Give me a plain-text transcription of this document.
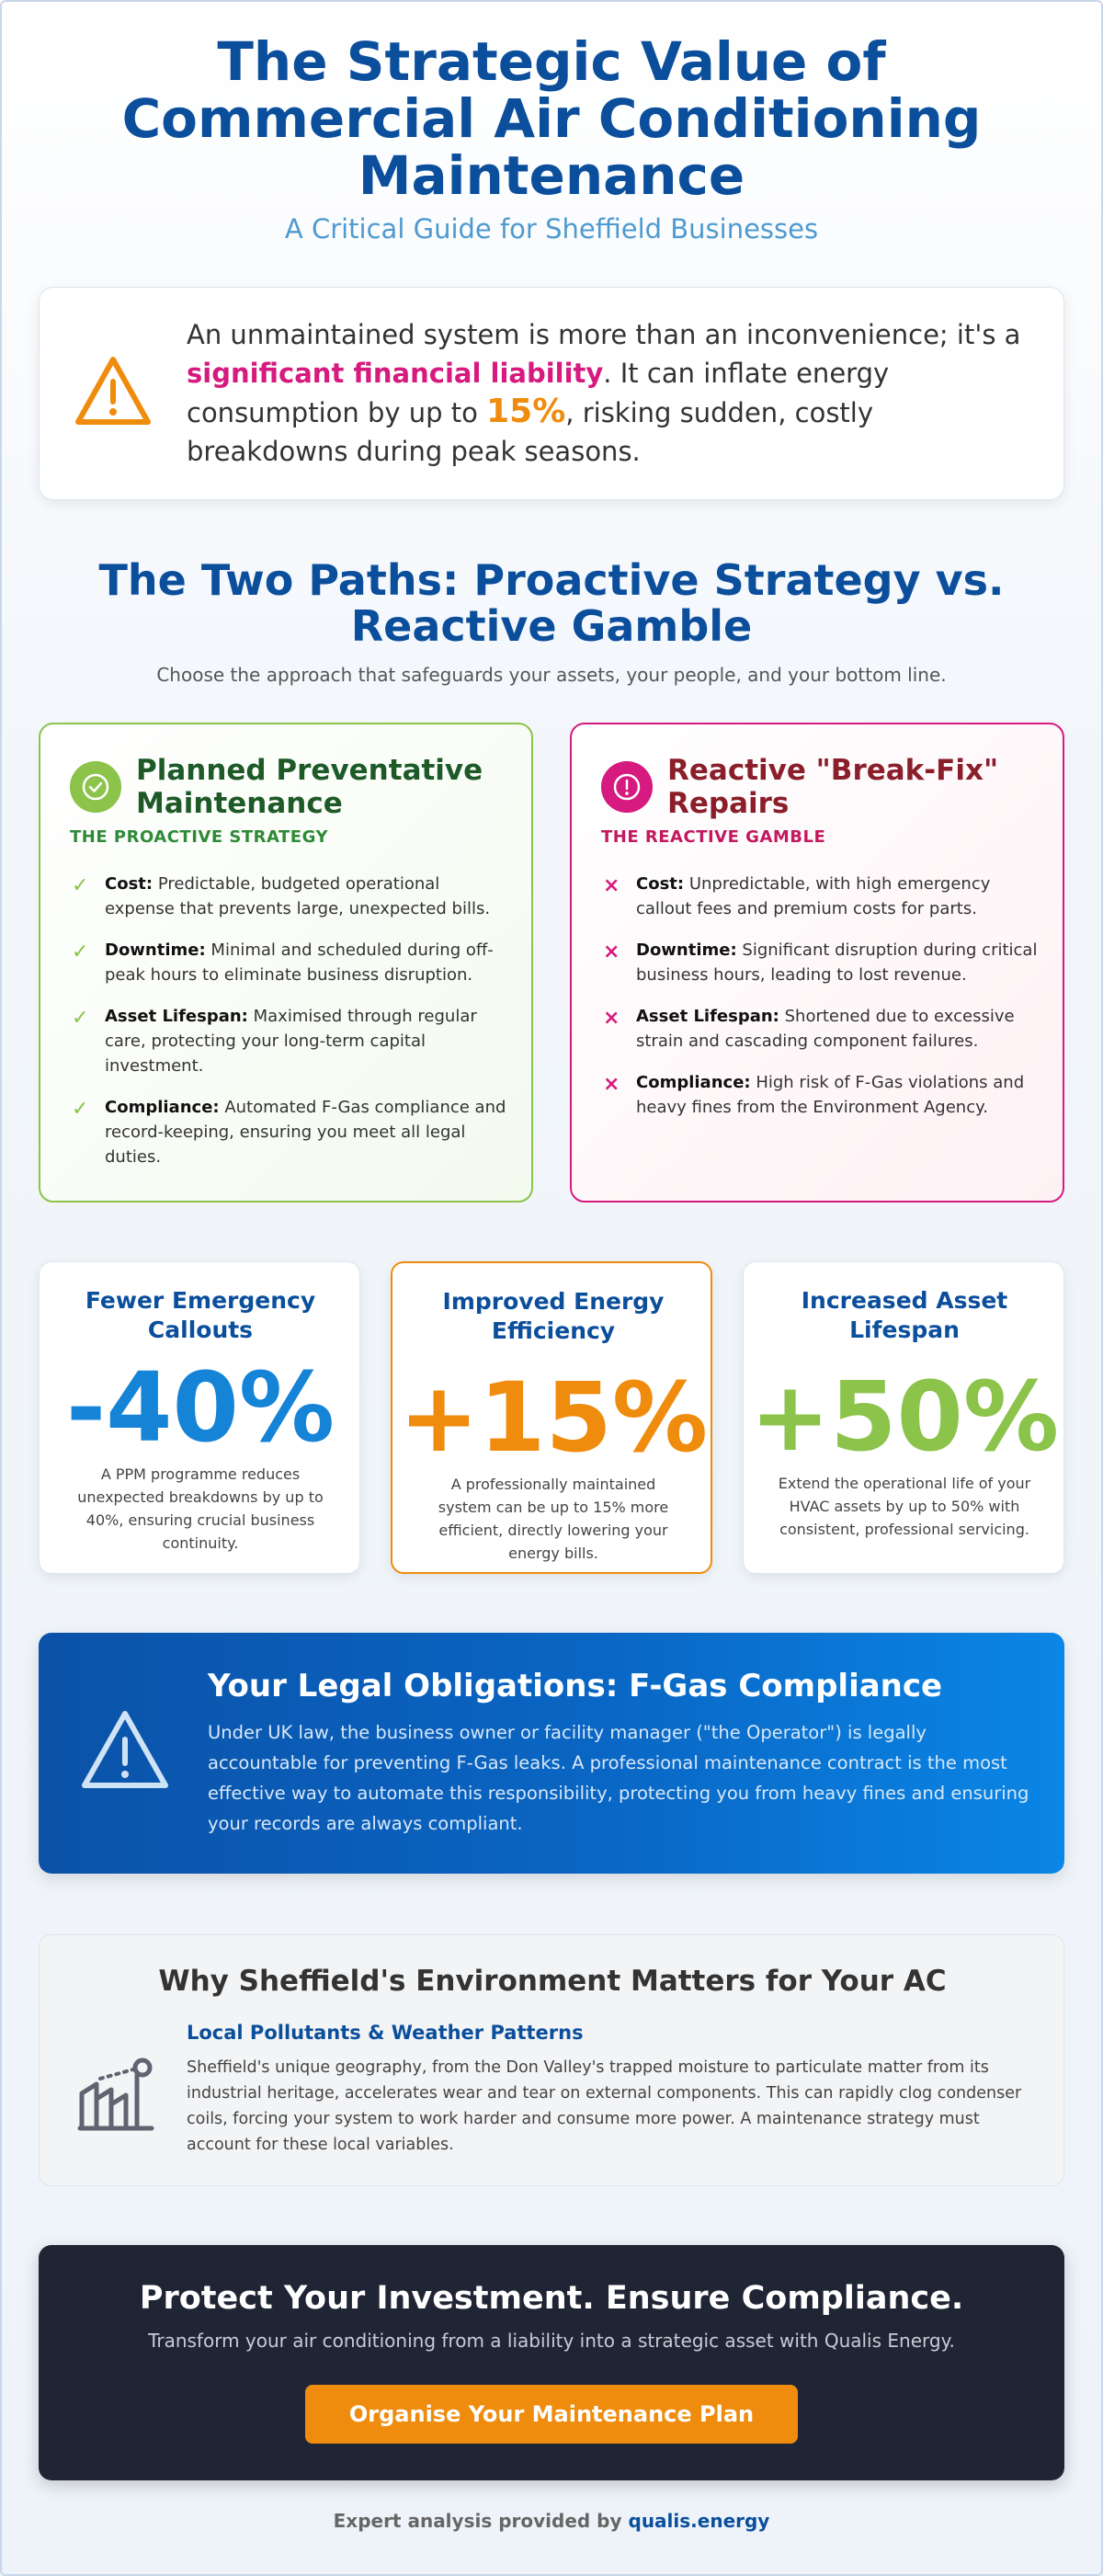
The Strategic Value of Commercial Air Conditioning Maintenance
A Critical Guide for Sheffield Businesses

An unmaintained system is more than an inconvenience; it's a significant financial liability. It can inflate energy consumption by up to 15%, risking sudden, costly breakdowns during peak seasons.

The Two Paths: Proactive Strategy vs. Reactive Gamble

Choose the approach that safeguards your assets, your people, and your bottom line.

Planned Preventative Maintenance
THE PROACTIVE STRATEGY
✓ Cost: Predictable, budgeted operational expense that prevents large, unexpected bills.
✓ Downtime: Minimal and scheduled during off-peak hours to eliminate business disruption.
✓ Asset Lifespan: Maximised through regular care, protecting your long-term capital investment.
✓ Compliance: Automated F-Gas compliance and record-keeping, ensuring you meet all legal duties.
Reactive "Break-Fix" Repairs
THE REACTIVE GAMBLE
× Cost: Unpredictable, with high emergency callout fees and premium costs for parts.
× Downtime: Significant disruption during critical business hours, leading to lost revenue.
× Asset Lifespan: Shortened due to excessive strain and cascading component failures.
× Compliance: High risk of F-Gas violations and heavy fines from the Environment Agency.
Fewer Emergency Callouts
-40%

A PPM programme reduces unexpected breakdowns by up to 40%, ensuring crucial business continuity.

Improved Energy Efficiency
+15%

A professionally maintained system can be up to 15% more efficient, directly lowering your energy bills.

Increased Asset Lifespan
+50%

Extend the operational life of your HVAC assets by up to 50% with consistent, professional servicing.

Your Legal Obligations: F-Gas Compliance

Under UK law, the business owner or facility manager ("the Operator") is legally accountable for preventing F-Gas leaks. A professional maintenance contract is the most effective way to automate this responsibility, protecting you from heavy fines and ensuring your records are always compliant.

Why Sheffield's Environment Matters for Your AC
Local Pollutants & Weather Patterns

Sheffield's unique geography, from the Don Valley's trapped moisture to particulate matter from its industrial heritage, accelerates wear and tear on external components. This can rapidly clog condenser coils, forcing your system to work harder and consume more power. A maintenance strategy must account for these local variables.

Protect Your Investment. Ensure Compliance.

Transform your air conditioning from a liability into a strategic asset with Qualis Energy.

Organise Your Maintenance Plan
Expert analysis provided by qualis.energy
